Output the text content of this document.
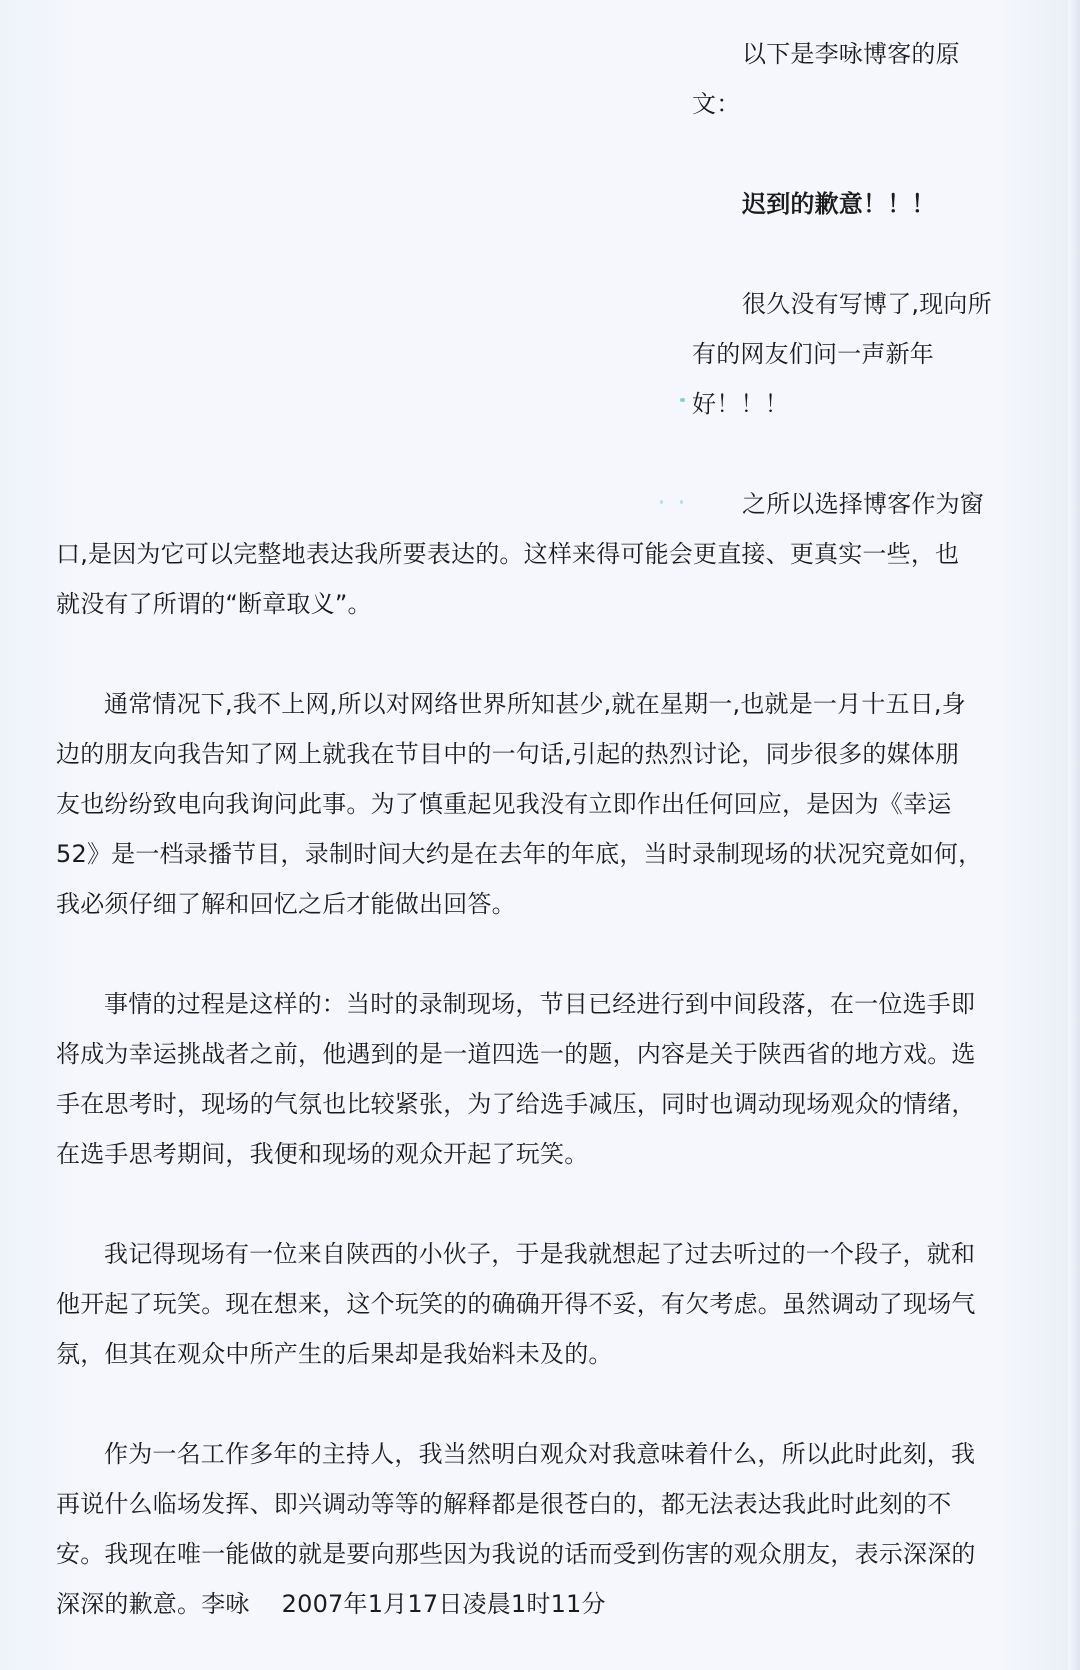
以下是李咏博客的原
文：
迟到的歉意！！！
很久没有写博了,现向所
有的网友们问一声新年
好！！！
之所以选择博客作为窗
口,是因为它可以完整地表达我所要表达的。这样来得可能会更直接、更真实一些，也
就没有了所谓的“断章取义”。
通常情况下,我不上网,所以对网络世界所知甚少,就在星期一,也就是一月十五日,身
边的朋友向我告知了网上就我在节目中的一句话,引起的热烈讨论，同步很多的媒体朋
友也纷纷致电向我询问此事。为了慎重起见我没有立即作出任何回应，是因为《幸运
52》是一档录播节目，录制时间大约是在去年的年底，当时录制现场的状况究竟如何，
我必须仔细了解和回忆之后才能做出回答。
事情的过程是这样的：当时的录制现场，节目已经进行到中间段落，在一位选手即
将成为幸运挑战者之前，他遇到的是一道四选一的题，内容是关于陕西省的地方戏。选
手在思考时，现场的气氛也比较紧张，为了给选手减压，同时也调动现场观众的情绪，
在选手思考期间，我便和现场的观众开起了玩笑。
我记得现场有一位来自陕西的小伙子，于是我就想起了过去听过的一个段子，就和
他开起了玩笑。现在想来，这个玩笑的的确确开得不妥，有欠考虑。虽然调动了现场气
氛，但其在观众中所产生的后果却是我始料未及的。
作为一名工作多年的主持人，我当然明白观众对我意味着什么，所以此时此刻，我
再说什么临场发挥、即兴调动等等的解释都是很苍白的，都无法表达我此时此刻的不
安。我现在唯一能做的就是要向那些因为我说的话而受到伤害的观众朋友，表示深深的
深深的歉意。李咏　 2007年1月17日凌晨1时11分
